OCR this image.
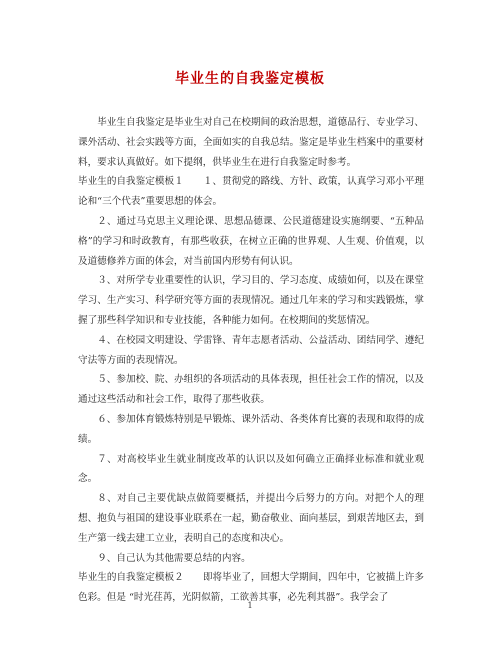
毕业生的自我鉴定模板

毕业生自我鉴定是毕业生对自己在校期间的政治思想，道德品行、专业学习、课外活动、社会实践等方面，全面如实的自我总结。鉴定是毕业生档案中的重要材料，要求认真做好。如下提纲，供毕业生在进行自我鉴定时参考。

毕业生的自我鉴定模板１　　１、贯彻党的路线、方针、政策，认真学习邓小平理论和“三个代表”重要思想的体会。

２、通过马克思主义理论课、思想品德课、公民道德建设实施纲要、“五种品格”的学习和时政教育，有那些收获，在树立正确的世界观、人生观、价值观，以及道德修养方面的体会，对当前国内形势有何认识。

３、对所学专业重要性的认识，学习目的、学习态度、成绩如何，以及在课堂学习、生产实习、科学研究等方面的表现情况。通过几年来的学习和实践锻炼，掌握了那些科学知识和专业技能，各种能力如何。在校期间的奖惩情况。

４、在校园文明建设、学雷锋、青年志愿者活动、公益活动、团结同学、遵纪守法等方面的表现情况。

５、参加校、院、办组织的各项活动的具体表现，担任社会工作的情况，以及通过这些活动和社会工作，取得了那些收获。

６、参加体育锻炼特别是早锻炼、课外活动、各类体育比赛的表现和取得的成绩。

７、对高校毕业生就业制度改革的认识以及如何确立正确择业标准和就业观念。

８、对自己主要优缺点做简要概括，并提出今后努力的方向。对把个人的理想、抱负与祖国的建设事业联系在一起，勤奋敬业、面向基层，到艰苦地区去，到生产第一线去建工立业，表明自己的态度和决心。

９、自己认为其他需要总结的内容。

毕业生的自我鉴定模板２　　即将毕业了，回想大学期间，四年中，它被描上许多色彩。但是 “时光荏苒，光阴似箭，工欲善其事，必先利其器”。我学会了

1
